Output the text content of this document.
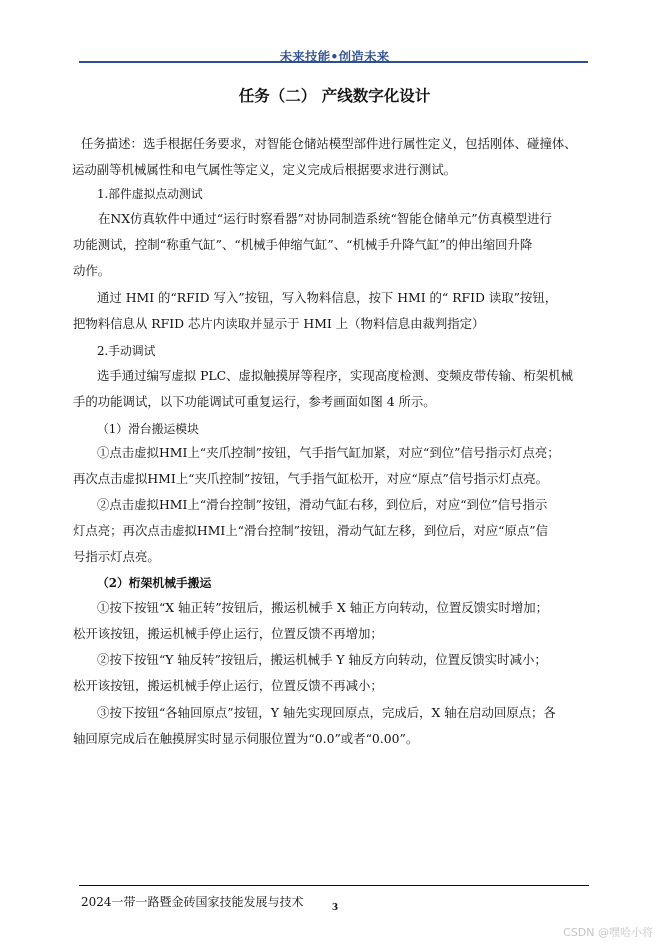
未来技能•创造未来
任务（二） 产线数字化设计
任务描述：选手根据任务要求，对智能仓储站模型部件进行属性定义，包括刚体、碰撞体、
运动副等机械属性和电气属性等定义，定义完成后根据要求进行测试。
1.部件虚拟点动测试
在NX仿真软件中通过“运行时察看器”对协同制造系统“智能仓储单元”仿真模型进行
功能测试，控制“称重气缸”、“机械手伸缩气缸”、“机械手升降气缸”的伸出缩回升降
动作。
通过 HMI 的“RFID 写入”按钮，写入物料信息，按下 HMI 的“ RFID 读取”按钮，
把物料信息从 RFID 芯片内读取并显示于 HMI 上（物料信息由裁判指定）
2.手动调试
选手通过编写虚拟 PLC、虚拟触摸屏等程序，实现高度检测、变频皮带传输、桁架机械
手的功能调试，以下功能调试可重复运行，参考画面如图 4 所示。
（1）滑台搬运模块
①点击虚拟HMI上“夹爪控制”按钮，气手指气缸加紧，对应“到位”信号指示灯点亮；
再次点击虚拟HMI上“夹爪控制”按钮，气手指气缸松开，对应“原点”信号指示灯点亮。
②点击虚拟HMI上“滑台控制”按钮，滑动气缸右移，到位后，对应“到位”信号指示
灯点亮；再次点击虚拟HMI上“滑台控制”按钮，滑动气缸左移，到位后，对应“原点”信
号指示灯点亮。
（2）桁架机械手搬运
①按下按钮“X 轴正转”按钮后，搬运机械手 X 轴正方向转动，位置反馈实时增加；
松开该按钮，搬运机械手停止运行，位置反馈不再增加；
②按下按钮“Y 轴反转”按钮后，搬运机械手 Y 轴反方向转动，位置反馈实时减小；
松开该按钮，搬运机械手停止运行，位置反馈不再减小；
③按下按钮“各轴回原点”按钮，Y 轴先实现回原点，完成后，X 轴在启动回原点；各
轴回原完成后在触摸屏实时显示伺服位置为“0.0”或者“0.00”。
2024一带一路暨金砖国家技能发展与技术	3
CSDN @嘿哈小将
